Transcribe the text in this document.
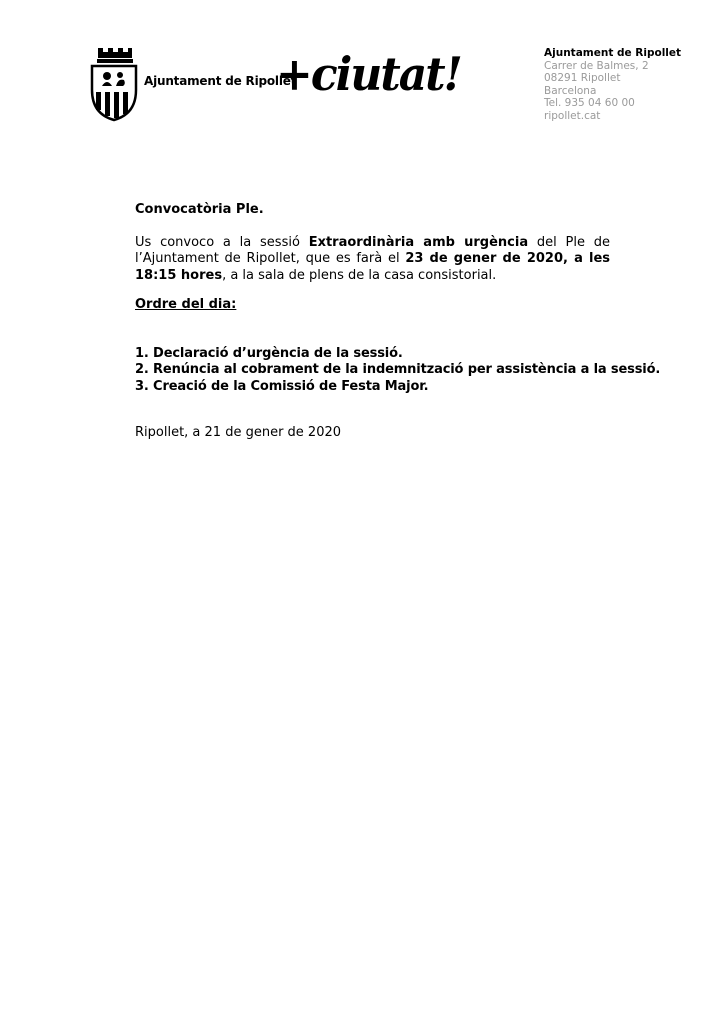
Ajuntament de Ripollet
+ciutat!	Ajuntament de Ripollet
Carrer de Balmes, 2
08291 Ripollet
Barcelona
Tel. 935 04 60 00
ripollet.cat
Convocatòria Ple.
Us convoco a la sessió Extraordinària amb urgència del Ple de l’Ajuntament de Ripollet, que es farà el 23 de gener de 2020, a les 18:15 hores, a la sala de plens de la casa consistorial.
Ordre del dia:
1. Declaració d’urgència de la sessió.
2. Renúncia al cobrament de la indemnització per assistència a la sessió.
3. Creació de la Comissió de Festa Major.
Ripollet, a 21 de gener de 2020
